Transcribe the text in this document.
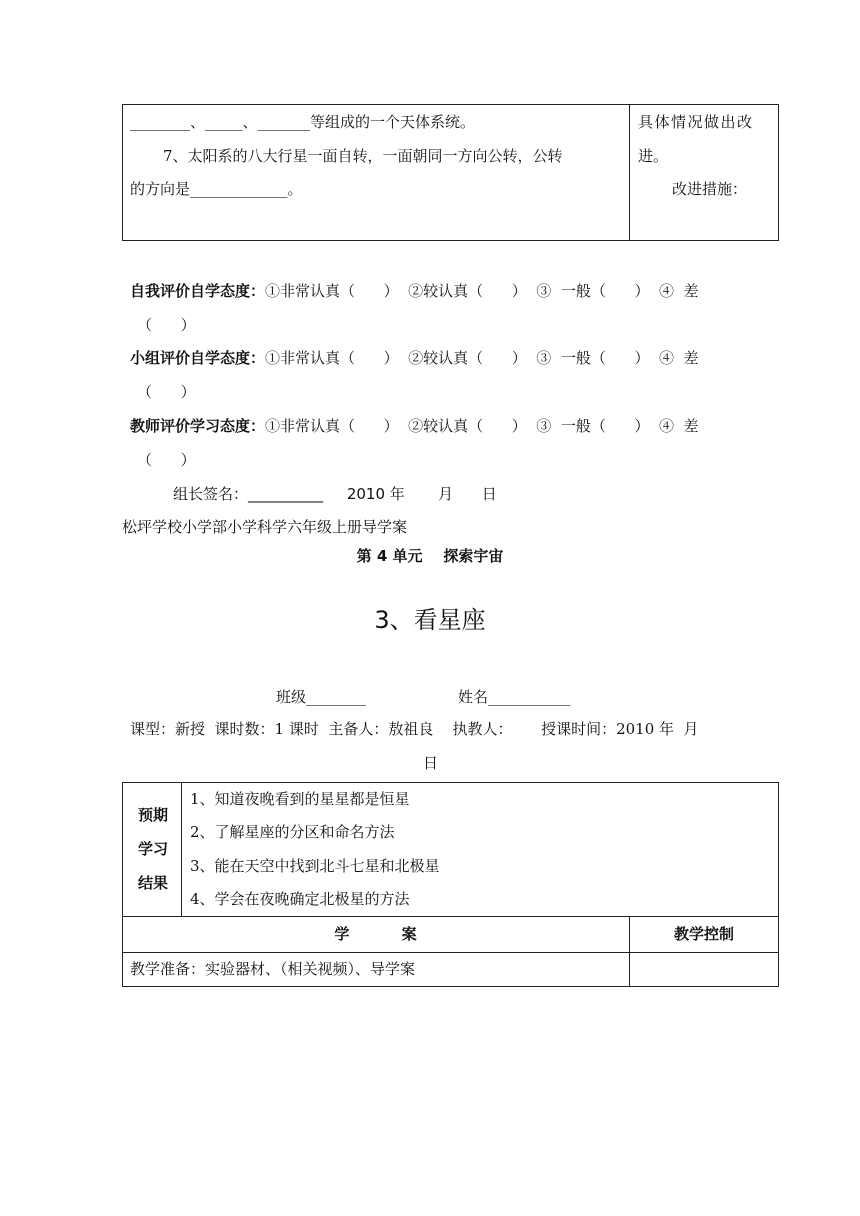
________、_____、_______等组成的一个天体系统。
7、太阳系的八大行星一面自转，一面朝同一方向公转，公转
的方向是_____________。
具体情况做出改
进。
改进措施：
自我评价自学态度：①非常认真（      ）  ②较认真（      ）  ③  一般（      ）  ④  差
（      ）
小组评价自学态度：①非常认真（      ）  ②较认真（      ）  ③  一般（      ）  ④  差
（      ）
教师评价学习态度：①非常认真（      ）  ②较认真（      ）  ③  一般（      ）  ④  差
（      ）
组长签名：__________     2010 年       月      日
松坪学校小学部小学科学六年级上册导学案
第 4 单元    探索宇宙
3、看星座
班级________	姓名___________
课型：新授  课时数：1 课时  主备人：敖祖良    执教人：      授课时间：2010 年  月
日
预期
学习
结果
1、知道夜晚看到的星星都是恒星
2、了解星座的分区和命名方法
3、能在天空中找到北斗七星和北极星
4、学会在夜晚确定北极星的方法
学          案	教学控制
教学准备：实验器材、（相关视频）、导学案
